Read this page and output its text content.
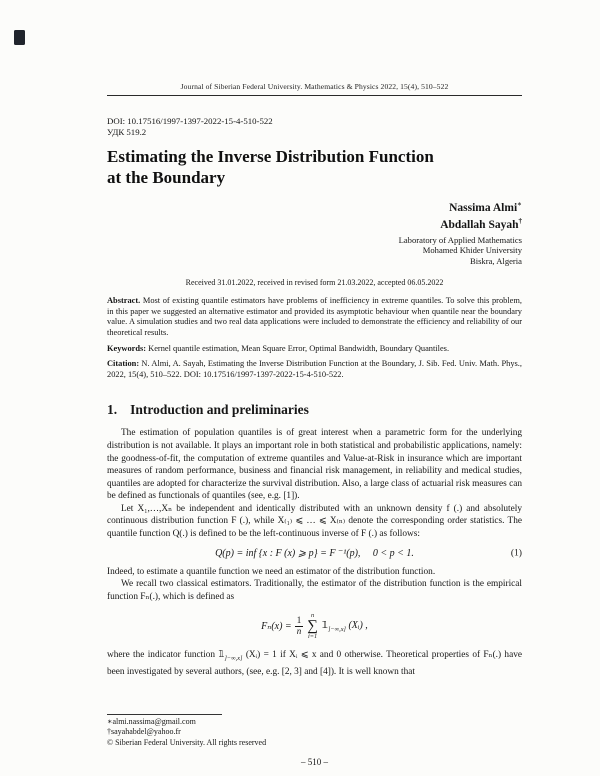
Journal of Siberian Federal University. Mathematics & Physics 2022, 15(4), 510–522
DOI: 10.17516/1997-1397-2022-15-4-510-522
УДК 519.2
Estimating the Inverse Distribution Function
at the Boundary
Nassima Almi∗
Abdallah Sayah†
Laboratory of Applied Mathematics
Mohamed Khider University
Biskra, Algeria
Received 31.01.2022, received in revised form 21.03.2022, accepted 06.05.2022

Abstract. Most of existing quantile estimators have problems of inefficiency in extreme quantiles. To solve this problem, in this paper we suggested an alternative estimator and provided its asymptotic behaviour when quantile near the boundary value. A simulation studies and two real data applications were included to demonstrate the efficiency and reliability of our theoretical results.

Keywords: Kernel quantile estimation, Mean Square Error, Optimal Bandwidth, Boundary Quantiles.

Citation: N. Almi, A. Sayah, Estimating the Inverse Distribution Function at the Boundary, J. Sib. Fed. Univ. Math. Phys., 2022, 15(4), 510–522. DOI: 10.17516/1997-1397-2022-15-4-510-522.

1. Introduction and preliminaries

The estimation of population quantiles is of great interest when a parametric form for the underlying distribution is not available. It plays an important role in both statistical and probabilistic applications, namely: the goodness-of-fit, the computation of extreme quantiles and Value-at-Risk in insurance which are important measures of random performance, business and financial risk management, in reliability and medical studies, quantiles are adopted for characterize the survival distribution. Also, a large class of actuarial risk measures can be defined as functionals of quantiles (see, e.g. [1]).

Let X₁,…,Xₙ be independent and identically distributed with an unknown density f (.) and absolutely continuous distribution function F (.), while X₍₁₎ ⩽ … ⩽ X₍ₙ₎ denote the corresponding order statistics. The quantile function Q(.) is defined to be the left-continuous inverse of F (.) as follows:

Q(p) = inf {x : F (x) ⩾ p} = F ⁻¹(p),  0 < p < 1.	(1)

Indeed, to estimate a quantile function we need an estimator of the distribution function.

We recall two classical estimators. Traditionally, the estimator of the distribution function is the empirical function Fₙ(.), which is defined as

$F_n(x) = \frac{1}{n}$
n
∑
i=1
$𝟙_{]-\infty,x]}$ (Xᵢ) ,

where the indicator function $𝟙_{]-\infty,x]}$ (Xᵢ) = 1 if Xᵢ ⩽ x and 0 otherwise. Theoretical properties of Fₙ(.) have been investigated by several authors, (see, e.g. [2, 3] and [4]). It is well known that

∗almi.nassima@gmail.com
†sayahabdel@yahoo.fr
© Siberian Federal University. All rights reserved
– 510 –
